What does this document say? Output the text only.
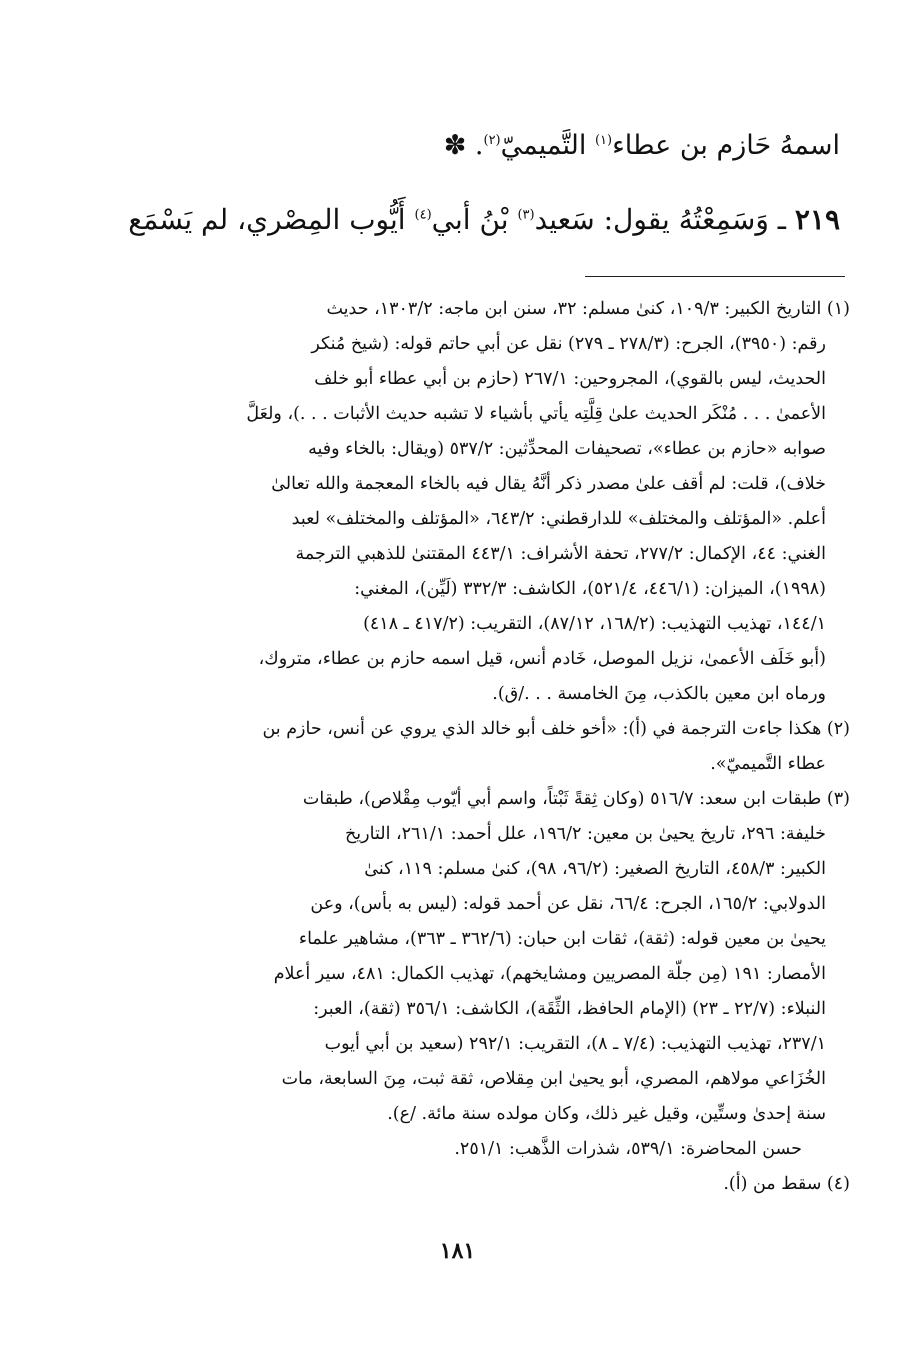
اسمهُ حَازم بن عطاء$^{(١)}$ التَّميميّ$^{(٢)}$. ✽
٢١٩ ـ وَسَمِعْتُهُ يقول: سَعيد$^{(٣)}$ بْنُ أبي$^{(٤)}$ أَيُّوب المِصْري، لم يَسْمَع
(١) التاريخ الكبير: ١٠٩/٣، كنىٰ مسلم: ٣٢، سنن ابن ماجه: ١٣٠٣/٢، حديث
رقم: (٣٩٥٠)، الجرح: (٢٧٨/٣ ـ ٢٧٩) نقل عن أبي حاتم قوله: (شيخ مُنكر
الحديث، ليس بالقوي)، المجروحين: ٢٦٧/١ (حازم بن أبي عطاء أبو خلف
الأعمىٰ . . . مُنْكَر الحديث علىٰ قِلَّتِه يأتي بأشياء لا تشبه حديث الأثبات . . .)، ولعَلَّ
صوابه «حازم بن عطاء»، تصحيفات المحدِّثين: ٥٣٧/٢ (ويقال: بالخاء وفيه
خلاف)، قلت: لم أقف علىٰ مصدر ذكر أنَّهُ يقال فيه بالخاء المعجمة والله تعالىٰ
أعلم. «المؤتلف والمختلف» للدارقطني: ٦٤٣/٢، «المؤتلف والمختلف» لعبد
الغني: ٤٤، الإكمال: ٢٧٧/٢، تحفة الأشراف: ٤٤٣/١ المقتنىٰ للذهبي الترجمة
(١٩٩٨)، الميزان: (٤٤٦/١، ٥٢١/٤)، الكاشف: ٣٣٢/٣ (لَيِّن)، المغني:
١٤٤/١، تهذيب التهذيب: (١٦٨/٢، ٨٧/١٢)، التقريب: (٤١٧/٢ ـ ٤١٨)
(أبو خَلَف الأعمىٰ، نزيل الموصل، خَادم أنس، قيل اسمه حازم بن عطاء، متروك،
ورماه ابن معين بالكذب، مِنَ الخامسة . . ./ق).
(٢) هكذا جاءت الترجمة في (أ): «أخو خلف أبو خالد الذي يروي عن أنس، حازم بن
عطاء التَّميميّ».
(٣) طبقات ابن سعد: ٥١٦/٧ (وكان ثِقةً ثَبْتاً، واسم أبي أيّوب مِقْلاص)، طبقات
خليفة: ٢٩٦، تاريخ يحيىٰ بن معين: ١٩٦/٢، علل أحمد: ٢٦١/١، التاريخ
الكبير: ٤٥٨/٣، التاريخ الصغير: (٩٦/٢، ٩٨)، كنىٰ مسلم: ١١٩، كنىٰ
الدولابي: ١٦٥/٢، الجرح: ٦٦/٤، نقل عن أحمد قوله: (ليس به بأس)، وعن
يحيىٰ بن معين قوله: (ثقة)، ثقات ابن حبان: (٣٦٢/٦ ـ ٣٦٣)، مشاهير علماء
الأمصار: ١٩١ (مِن جلّة المصريين ومشايخهم)، تهذيب الكمال: ٤٨١، سير أعلام
النبلاء: (٢٢/٧ ـ ٢٣) (الإمام الحافظ، الثِّقَة)، الكاشف: ٣٥٦/١ (ثقة)، العبر:
٢٣٧/١، تهذيب التهذيب: (٧/٤ ـ ٨)، التقريب: ٢٩٢/١ (سعيد بن أبي أيوب
الخُزَاعي مولاهم، المصري، أبو يحيىٰ ابن مِقلاص، ثقة ثبت، مِنَ السابعة، مات
سنة إحدىٰ وستِّين، وقيل غير ذلك، وكان مولده سنة مائة. /ع).
حسن المحاضرة: ٥٣٩/١، شذرات الذَّهب: ٢٥١/١.
(٤) سقط من (أ).
١٨١
